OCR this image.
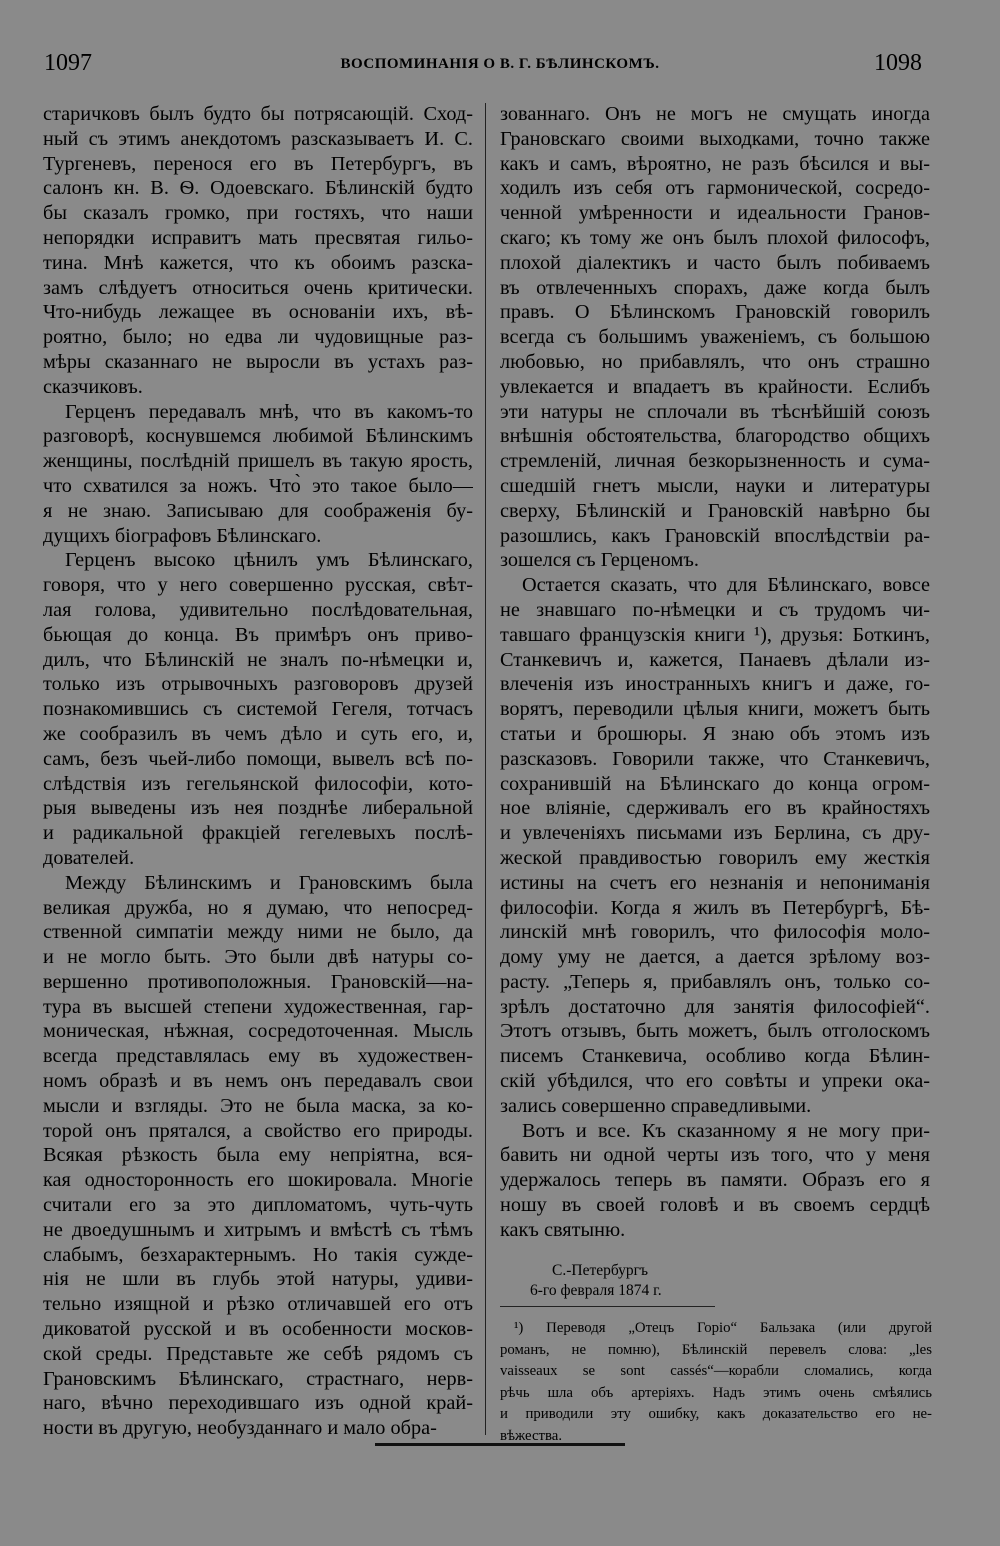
1097	ВОСПОМИНАНІЯ О В. Г. БѢЛИНСКОМЪ.	1098
старичковъ былъ будто бы потрясающій. Сход-
ный съ этимъ анекдотомъ разсказываетъ И. С.
Тургеневъ, перенося его въ Петербургъ, въ
салонъ кн. В. Ѳ. Одоевскаго. Бѣлинскій будто
бы сказалъ громко, при гостяхъ, что наши
непорядки исправитъ мать пресвятая гильо-
тина. Мнѣ кажется, что къ обоимъ разска-
замъ слѣдуетъ относиться очень критически.
Что-нибудь лежащее въ основаніи ихъ, вѣ-
роятно, было; но едва ли чудовищные раз-
мѣры сказаннаго не выросли въ устахъ раз-
сказчиковъ.
Герценъ передавалъ мнѣ, что въ какомъ-то
разговорѣ, коснувшемся любимой Бѣлинскимъ
женщины, послѣдній пришелъ въ такую ярость,
что схватился за ножъ. Что̀ это такое было—
я не знаю. Записываю для соображенія бу-
дущихъ біографовъ Бѣлинскаго.
Герценъ высоко цѣнилъ умъ Бѣлинскаго,
говоря, что у него совершенно русская, свѣт-
лая голова, удивительно послѣдовательная,
бьющая до конца. Въ примѣръ онъ приво-
дилъ, что Бѣлинскій не зналъ по-нѣмецки и,
только изъ отрывочныхъ разговоровъ друзей
познакомившись съ системой Гегеля, тотчасъ
же сообразилъ въ чемъ дѣло и суть его, и,
самъ, безъ чьей-либо помощи, вывелъ всѣ по-
слѣдствія изъ гегельянской философіи, кото-
рыя выведены изъ нея позднѣе либеральной
и радикальной фракціей гегелевыхъ послѣ-
дователей.
Между Бѣлинскимъ и Грановскимъ была
великая дружба, но я думаю, что непосред-
ственной симпатіи между ними не было, да
и не могло быть. Это были двѣ натуры со-
вершенно противоположныя. Грановскій—на-
тура въ высшей степени художественная, гар-
моническая, нѣжная, сосредоточенная. Мысль
всегда представлялась ему въ художествен-
номъ образѣ и въ немъ онъ передавалъ свои
мысли и взгляды. Это не была маска, за ко-
торой онъ прятался, а свойство его природы.
Всякая рѣзкость была ему непріятна, вся-
кая односторонность его шокировала. Многіе
считали его за это дипломатомъ, чуть-чуть
не двоедушнымъ и хитрымъ и вмѣстѣ съ тѣмъ
слабымъ, безхарактернымъ. Но такія сужде-
нія не шли въ глубь этой натуры, удиви-
тельно изящной и рѣзко отличавшей его отъ
диковатой русской и въ особенности москов-
ской среды. Представьте же себѣ рядомъ съ
Грановскимъ Бѣлинскаго, страстнаго, нерв-
наго, вѣчно переходившаго изъ одной край-
ности въ другую, необузданнаго и мало обра-
зованнаго. Онъ не могъ не смущать иногда
Грановскаго своими выходками, точно также
какъ и самъ, вѣроятно, не разъ бѣсился и вы-
ходилъ изъ себя отъ гармонической, сосредо-
ченной умѣренности и идеальности Гранов-
скаго; къ тому же онъ былъ плохой философъ,
плохой діалектикъ и часто былъ побиваемъ
въ отвлеченныхъ спорахъ, даже когда былъ
правъ. О Бѣлинскомъ Грановскій говорилъ
всегда съ большимъ уваженіемъ, съ большою
любовью, но прибавлялъ, что онъ страшно
увлекается и впадаетъ въ крайности. Еслибъ
эти натуры не сплочали въ тѣснѣйшій союзъ
внѣшнія обстоятельства, благородство общихъ
стремленій, личная безкорызненность и сума-
сшедшій гнетъ мысли, науки и литературы
сверху, Бѣлинскій и Грановскій навѣрно бы
разошлись, какъ Грановскій впослѣдствіи ра-
зошелся съ Герценомъ.
Остается сказать, что для Бѣлинскаго, вовсе
не знавшаго по-нѣмецки и съ трудомъ чи-
тавшаго французскія книги ¹), друзья: Боткинъ,
Станкевичъ и, кажется, Панаевъ дѣлали из-
влеченія изъ иностранныхъ книгъ и даже, го-
ворятъ, переводили цѣлыя книги, можетъ быть
статьи и брошюры. Я знаю объ этомъ изъ
разсказовъ. Говорили также, что Станкевичъ,
сохранившій на Бѣлинскаго до конца огром-
ное вліяніе, сдерживалъ его въ крайностяхъ
и увлеченіяхъ письмами изъ Берлина, съ дру-
жеской правдивостью говорилъ ему жесткія
истины на счетъ его незнанія и непониманія
философіи. Когда я жилъ въ Петербургѣ, Бѣ-
линскій мнѣ говорилъ, что философія моло-
дому уму не дается, а дается зрѣлому воз-
расту. „Теперь я, прибавлялъ онъ, только со-
зрѣлъ достаточно для занятія философіей“.
Этотъ отзывъ, быть можетъ, былъ отголоскомъ
писемъ Станкевича, особливо когда Бѣлин-
скій убѣдился, что его совѣты и упреки ока-
зались совершенно справедливыми.
Вотъ и все. Къ сказанному я не могу при-
бавить ни одной черты изъ того, что у меня
удержалось теперь въ памяти. Образъ его я
ношу въ своей головѣ и въ своемъ сердцѣ
какъ святыню.
С.-Петербургъ
6-го февраля 1874 г.
¹) Переводя „Отецъ Горіо“ Бальзака (или другой
романъ, не помню), Бѣлинскій перевелъ слова: „les
vaisseaux se sont cassés“—корабли сломались, когда
рѣчь шла объ артеріяхъ. Надъ этимъ очень смѣялись
и приводили эту ошибку, какъ доказательство его не-
вѣжества.
